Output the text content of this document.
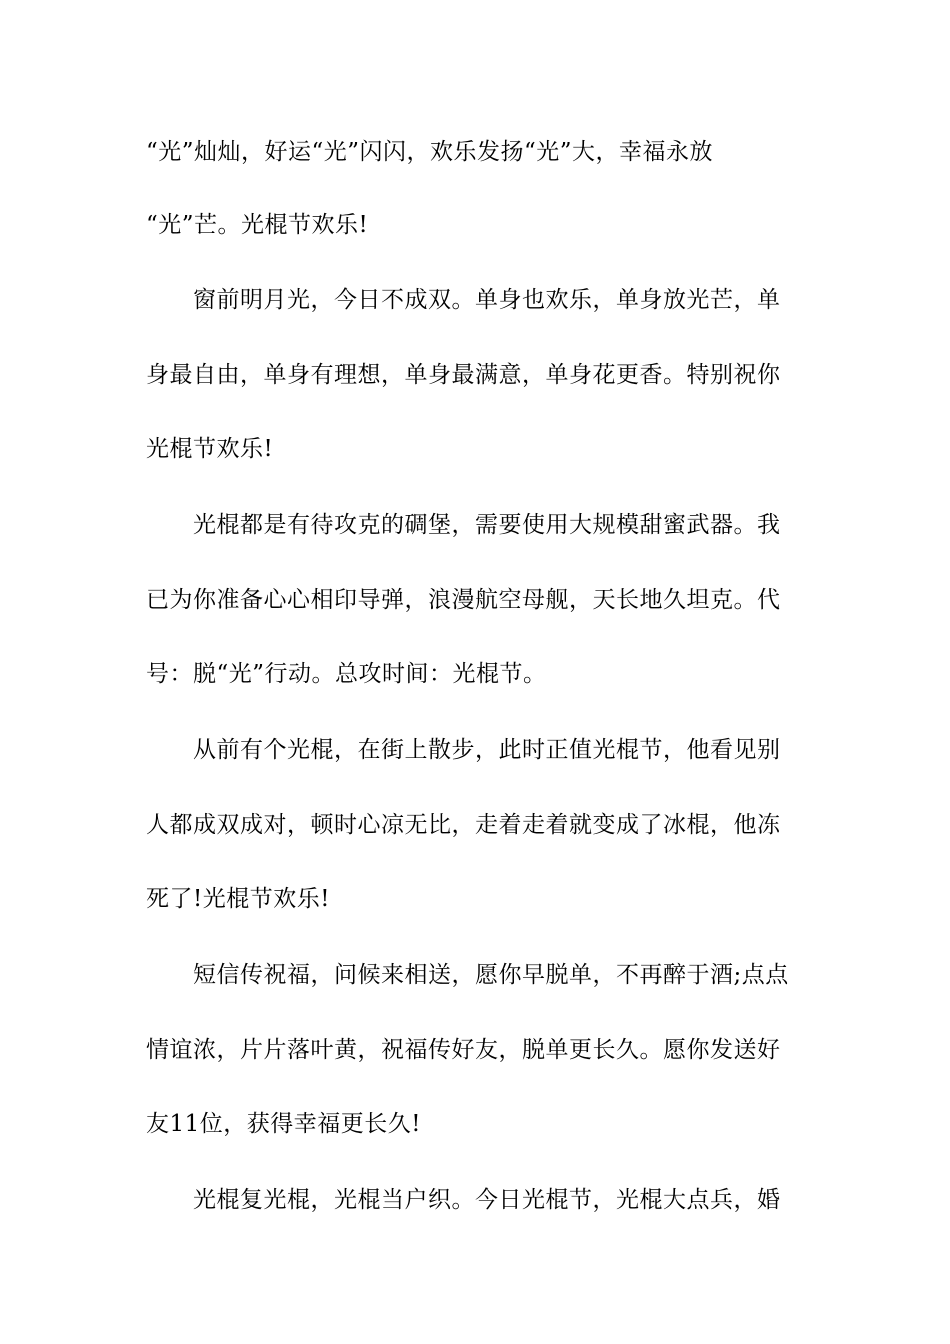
“光”灿灿，好运“光”闪闪，欢乐发扬“光”大，幸福永放
“光”芒。光棍节欢乐!
窗前明月光，今日不成双。单身也欢乐，单身放光芒，单
身最自由，单身有理想，单身最满意，单身花更香。特别祝你
光棍节欢乐!
光棍都是有待攻克的碉堡，需要使用大规模甜蜜武器。我
已为你准备心心相印导弹，浪漫航空母舰，天长地久坦克。代
号：脱“光”行动。总攻时间：光棍节。
从前有个光棍，在街上散步，此时正值光棍节，他看见别
人都成双成对，顿时心凉无比，走着走着就变成了冰棍，他冻
死了!光棍节欢乐!
短信传祝福，问候来相送，愿你早脱单，不再醉于酒;点点
情谊浓，片片落叶黄，祝福传好友，脱单更长久。愿你发送好
友11位，获得幸福更长久!
光棍复光棍，光棍当户织。今日光棍节，光棍大点兵，婚
